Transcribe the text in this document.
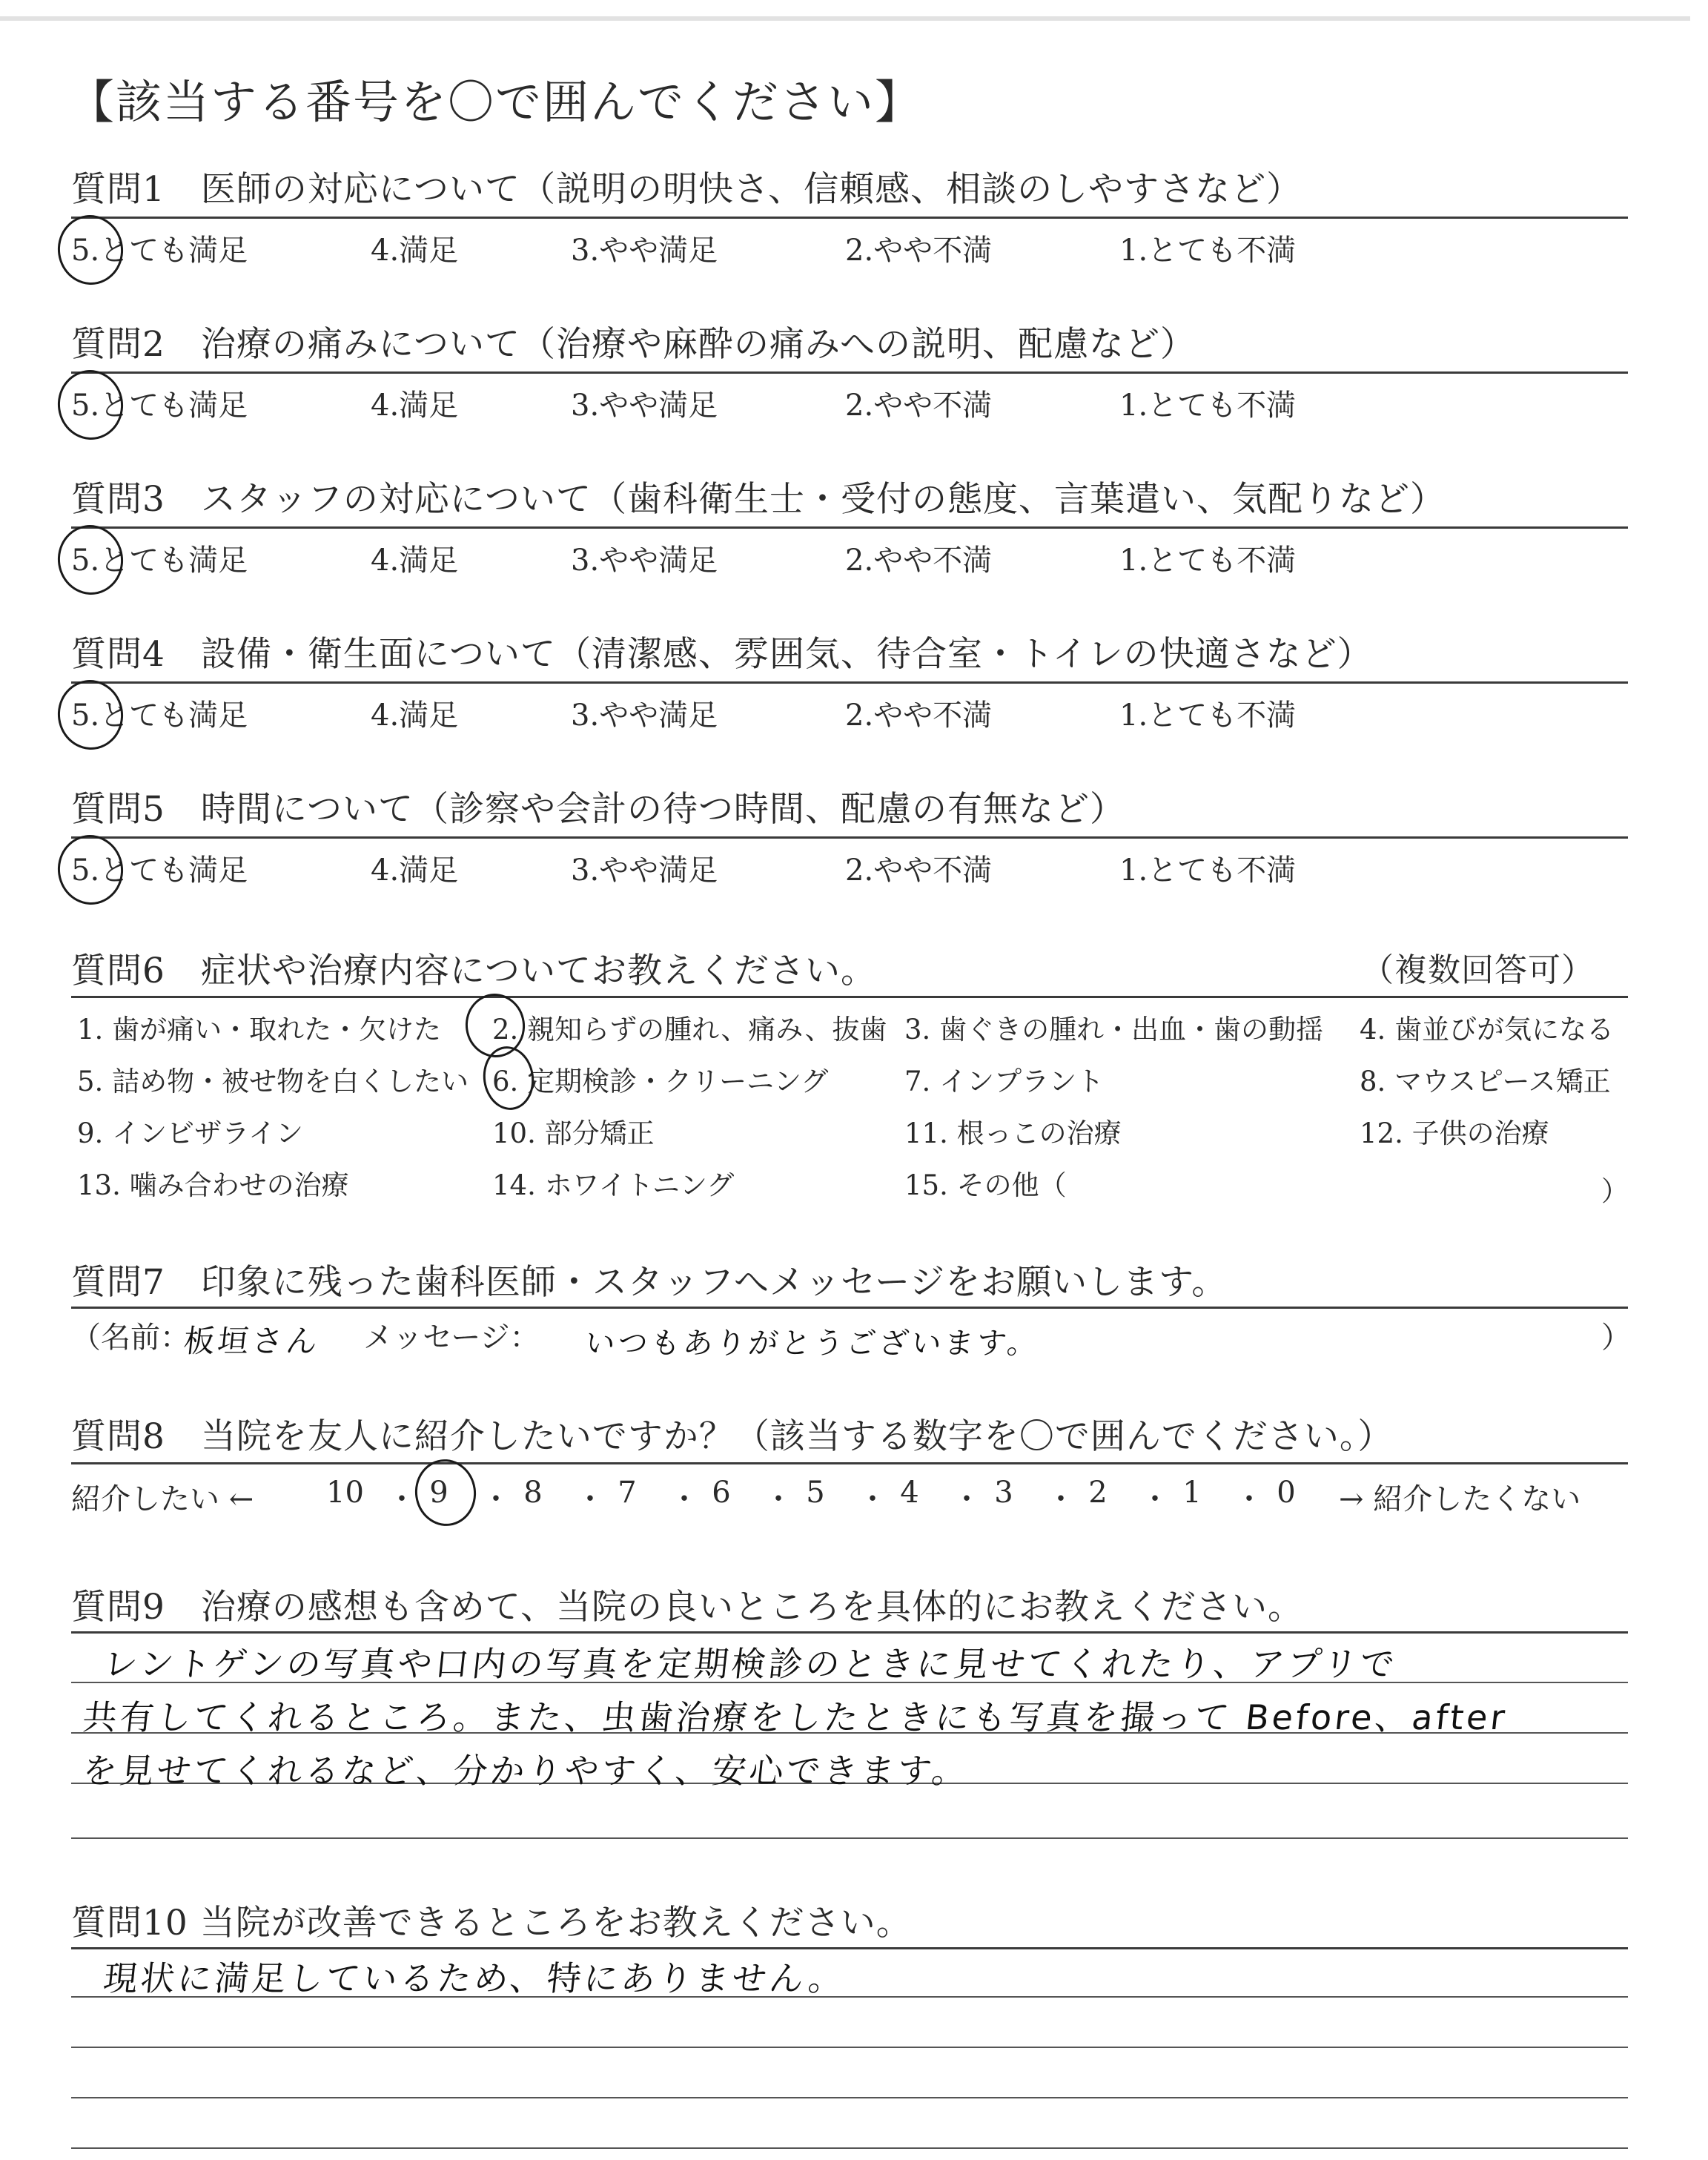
【該当する番号を〇で囲んでください】
質問1　医師の対応について（説明の明快さ、信頼感、相談のしやすさなど）
5.とても満足	4.満足	3.やや満足	2.やや不満	1.とても不満
質問2　治療の痛みについて（治療や麻酔の痛みへの説明、配慮など）
5.とても満足	4.満足	3.やや満足	2.やや不満	1.とても不満
質問3　スタッフの対応について（歯科衛生士・受付の態度、言葉遣い、気配りなど）
5.とても満足	4.満足	3.やや満足	2.やや不満	1.とても不満
質問4　設備・衛生面について（清潔感、雰囲気、待合室・トイレの快適さなど）
5.とても満足	4.満足	3.やや満足	2.やや不満	1.とても不満
質問5　時間について（診察や会計の待つ時間、配慮の有無など）
5.とても満足	4.満足	3.やや満足	2.やや不満	1.とても不満
質問6　症状や治療内容についてお教えください。	（複数回答可）
1. 歯が痛い・取れた・欠けた 2. 親知らずの腫れ、痛み、抜歯 3. 歯ぐきの腫れ・出血・歯の動揺 4. 歯並びが気になる
5. 詰め物・被せ物を白くしたい 6. 定期検診・クリーニング	7. インプラント	8. マウスピース矯正
9. インビザライン	10. 部分矯正	11. 根っこの治療	12. 子供の治療
13. 噛み合わせの治療	14. ホワイトニング	15. その他（	）
質問7　印象に残った歯科医師・スタッフへメッセージをお願いします。
（名前：
板垣さん メッセージ： いつもありがとうございます。	）
質問8　当院を友人に紹介したいですか？（該当する数字を〇で囲んでください。）
紹介したい ← 10 ・ 9	・ 8	・ 7	・ 6	・ 5	・ 4	・ 3	・ 2	・ 1	・ 0	→ 紹介したくない
質問9　治療の感想も含めて、当院の良いところを具体的にお教えください。
レントゲンの写真や口内の写真を定期検診のときに見せてくれたり、アプリで
共有してくれるところ。また、虫歯治療をしたときにも写真を撮って Before、after
を見せてくれるなど、分かりやすく、安心できます。
質問10 当院が改善できるところをお教えください。
現状に満足しているため、特にありません。
